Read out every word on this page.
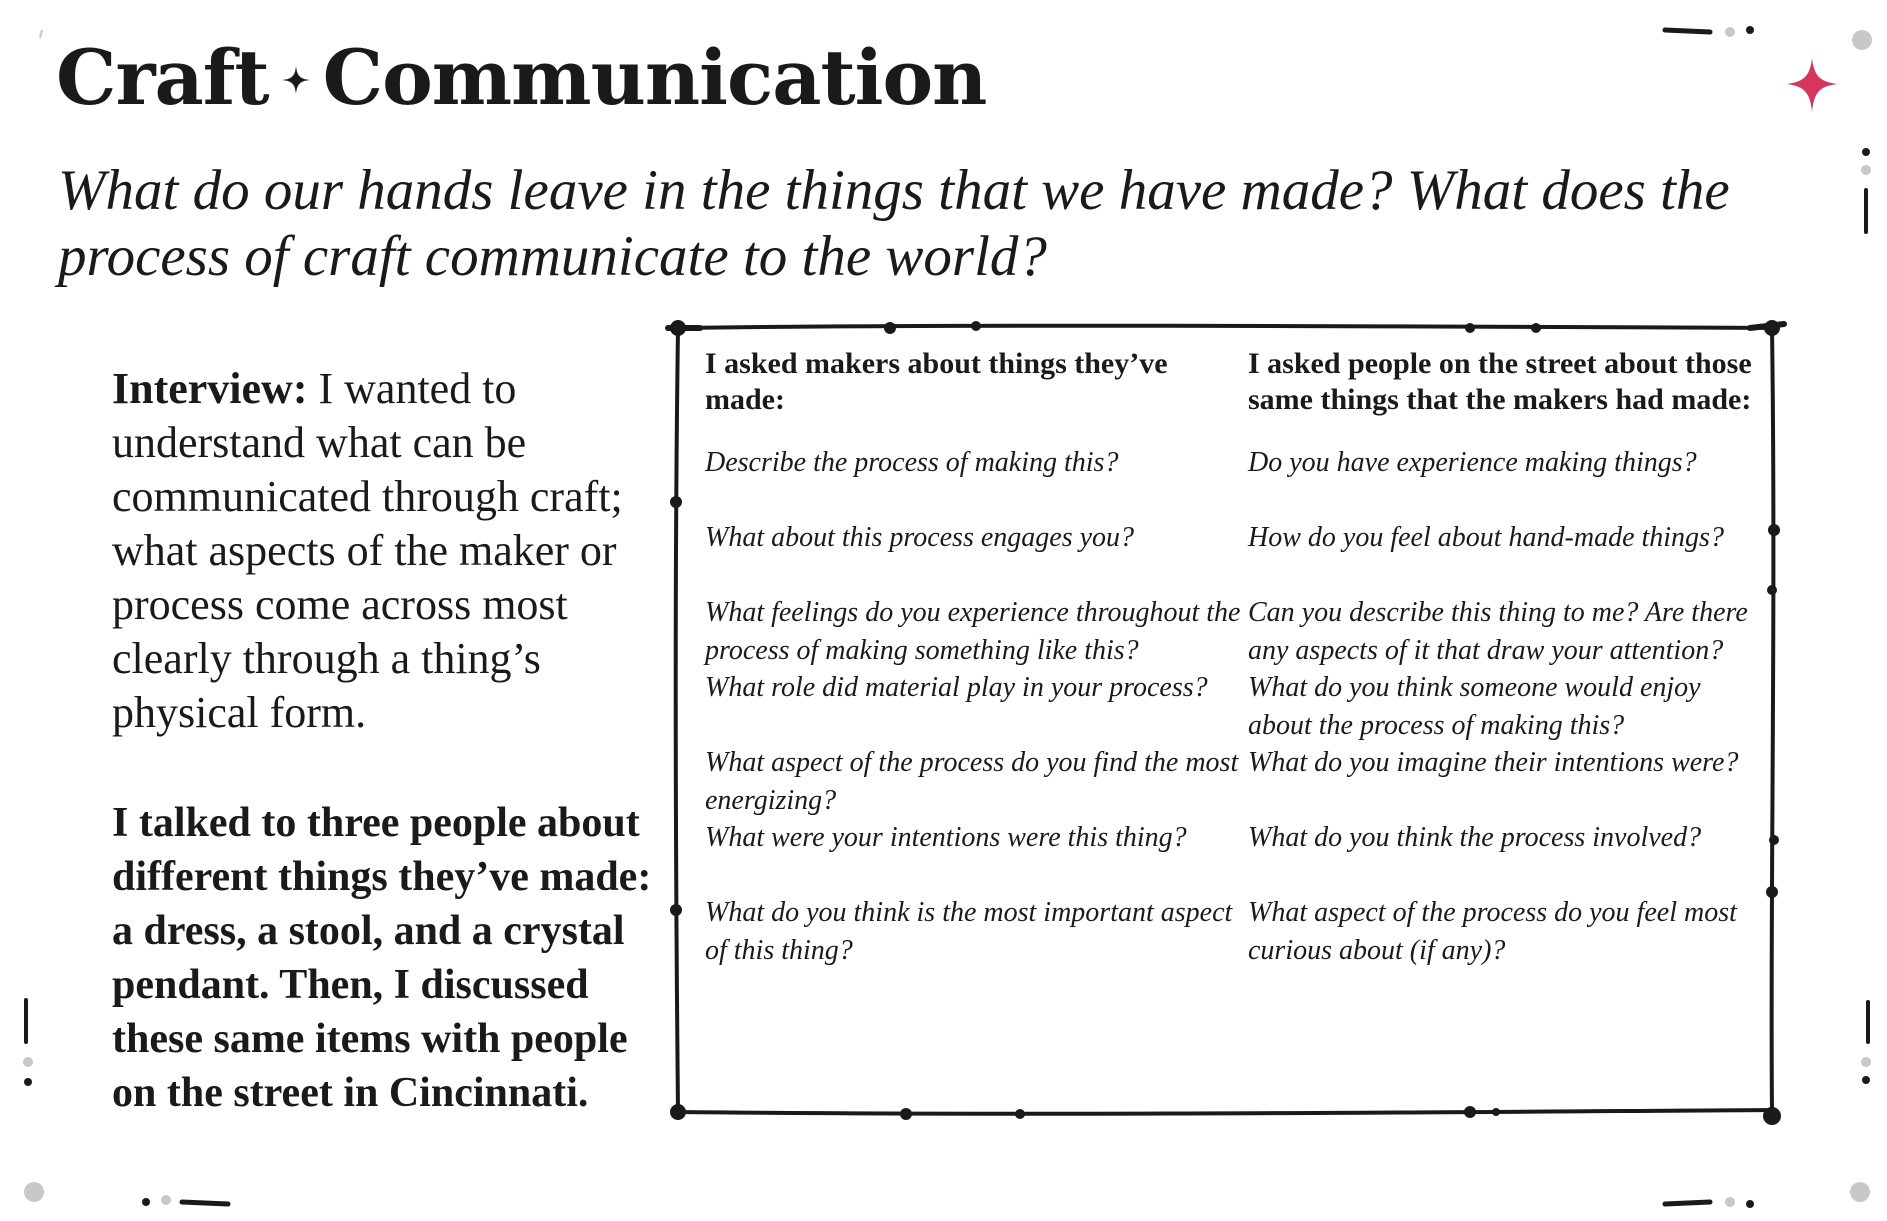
Craft Communication
What do our hands leave in the things that we have made? What does the process of craft communicate to the world?
Interview: I wanted to understand what can be communicated through craft; what aspects of the maker or process come across most clearly through a thing’s physical form.
I talked to three people about different things they’ve made: a dress, a stool, and a crystal pendant. Then, I discussed these same items with people on the street in Cincinnati.
I asked makers about things they’ve made:
Describe the process of making this?
What about this process engages you?
What feelings do you experience throughout the process of making something like this?
What role did material play in your process?
What aspect of the process do you find the most energizing?
What were your intentions were this thing?
What do you think is the most important aspect of this thing?
I asked people on the street about those same things that the makers had made:
Do you have experience making things?
How do you feel about hand-made things?
Can you describe this thing to me? Are there any aspects of it that draw your attention?
What do you think someone would enjoy about the process of making this?
What do you imagine their intentions were?
What do you think the process involved?
What aspect of the process do you feel most curious about (if any)?
